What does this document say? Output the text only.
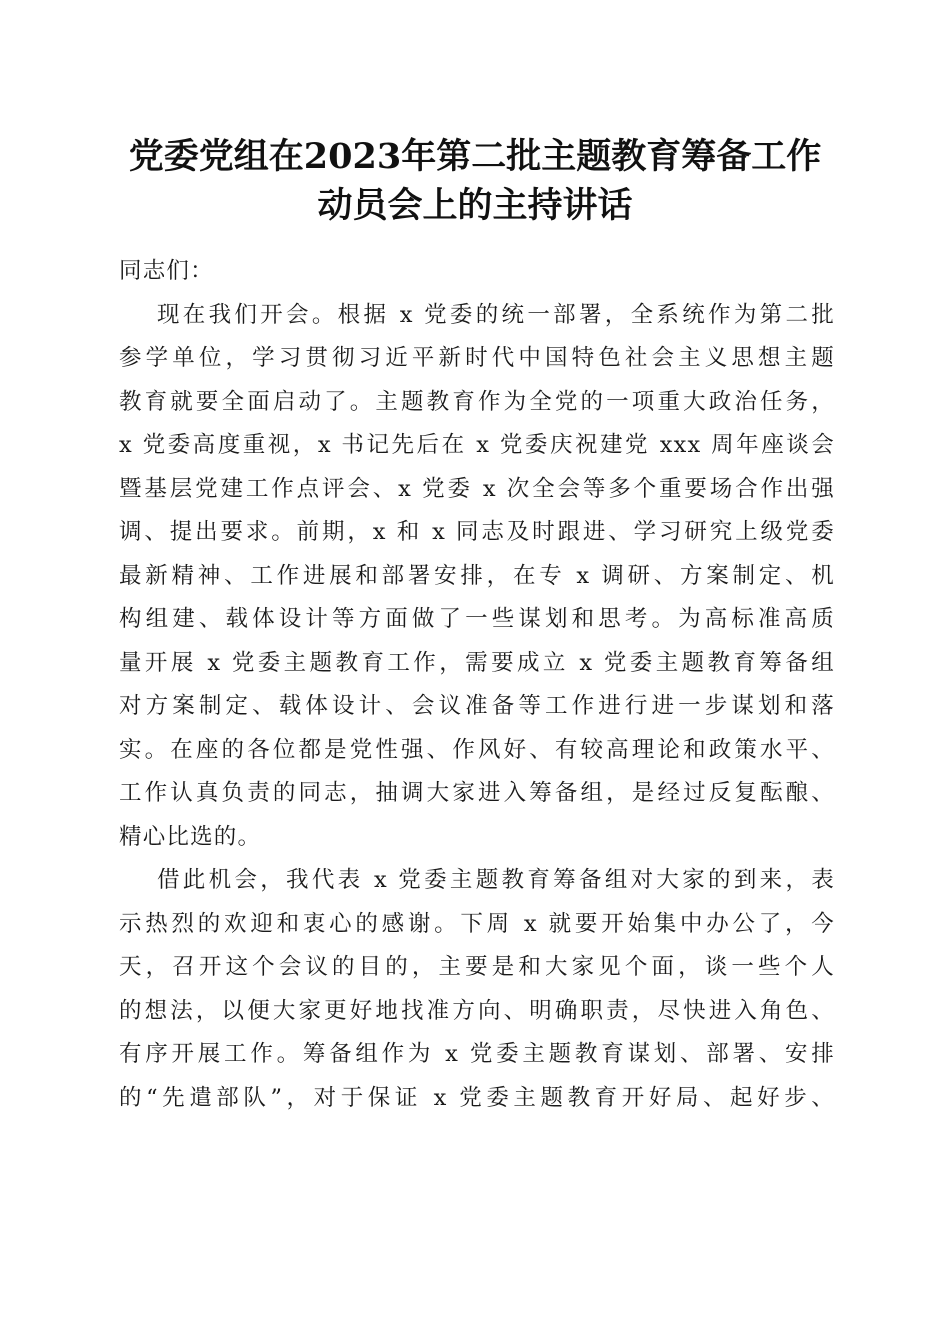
党委党组在2023年第二批主题教育筹备工作
动员会上的主持讲话

同志们：

现在我们开会。根据 x 党委的统一部署，全系统作为第二批
参学单位，学习贯彻习近平新时代中国特色社会主义思想主题
教育就要全面启动了。主题教育作为全党的一项重大政治任务，
x 党委高度重视，x 书记先后在 x 党委庆祝建党 xxx 周年座谈会
暨基层党建工作点评会、x 党委 x 次全会等多个重要场合作出强
调、提出要求。前期，x 和 x 同志及时跟进、学习研究上级党委
最新精神、工作进展和部署安排，在专 x 调研、方案制定、机
构组建、载体设计等方面做了一些谋划和思考。为高标准高质
量开展 x 党委主题教育工作，需要成立 x 党委主题教育筹备组
对方案制定、载体设计、会议准备等工作进行进一步谋划和落
实。在座的各位都是党性强、作风好、有较高理论和政策水平、
工作认真负责的同志，抽调大家进入筹备组，是经过反复酝酿、
精心比选的。
借此机会，我代表 x 党委主题教育筹备组对大家的到来，表
示热烈的欢迎和衷心的感谢。下周 x 就要开始集中办公了，今
天，召开这个会议的目的，主要是和大家见个面，谈一些个人
的想法，以便大家更好地找准方向、明确职责，尽快进入角色、
有序开展工作。筹备组作为 x 党委主题教育谋划、部署、安排
的“先遣部队”，对于保证 x 党委主题教育开好局、起好步、
